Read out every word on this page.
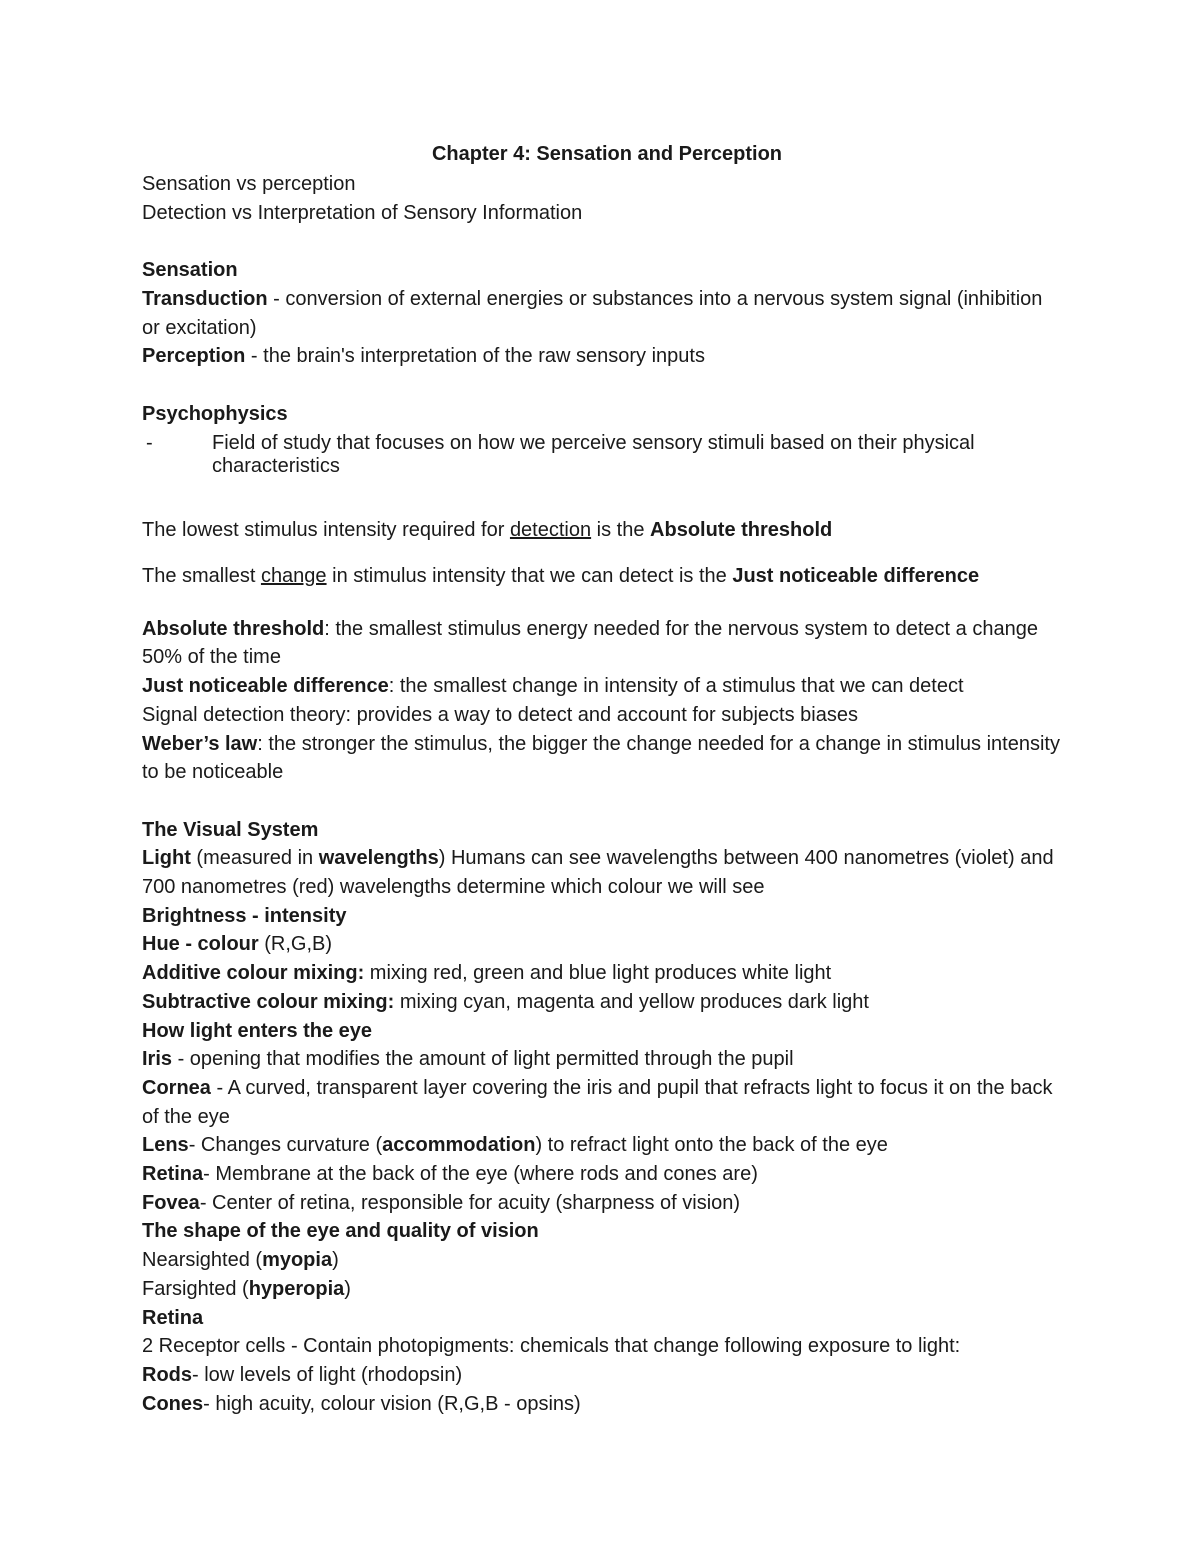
Chapter 4: Sensation and Perception

Sensation vs perception

Detection vs Interpretation of Sensory Information

Sensation

Transduction - conversion of external energies or substances into a nervous system signal (inhibition or excitation)

Perception - the brain's interpretation of the raw sensory inputs

Psychophysics

-	Field of study that focuses on how we perceive sensory stimuli based on their physical characteristics

The lowest stimulus intensity required for detection is the Absolute threshold

The smallest change in stimulus intensity that we can detect is the Just noticeable difference

Absolute threshold: the smallest stimulus energy needed for the nervous system to detect a change 50% of the time

Just noticeable difference: the smallest change in intensity of a stimulus that we can detect

Signal detection theory: provides a way to detect and account for subjects biases

Weber’s law: the stronger the stimulus, the bigger the change needed for a change in stimulus intensity to be noticeable

The Visual System

Light (measured in wavelengths) Humans can see wavelengths between 400 nanometres (violet) and 700 nanometres (red) wavelengths determine which colour we will see

Brightness - intensity

Hue - colour (R,G,B)

Additive colour mixing: mixing red, green and blue light produces white light

Subtractive colour mixing: mixing cyan, magenta and yellow produces dark light

How light enters the eye

Iris - opening that modifies the amount of light permitted through the pupil

Cornea - A curved, transparent layer covering the iris and pupil that refracts light to focus it on the back of the eye

Lens- Changes curvature (accommodation) to refract light onto the back of the eye

Retina- Membrane at the back of the eye (where rods and cones are)

Fovea- Center of retina, responsible for acuity (sharpness of vision)

The shape of the eye and quality of vision

Nearsighted (myopia)

Farsighted (hyperopia)

Retina

2 Receptor cells - Contain photopigments: chemicals that change following exposure to light:

Rods- low levels of light (rhodopsin)

Cones- high acuity, colour vision (R,G,B - opsins)
